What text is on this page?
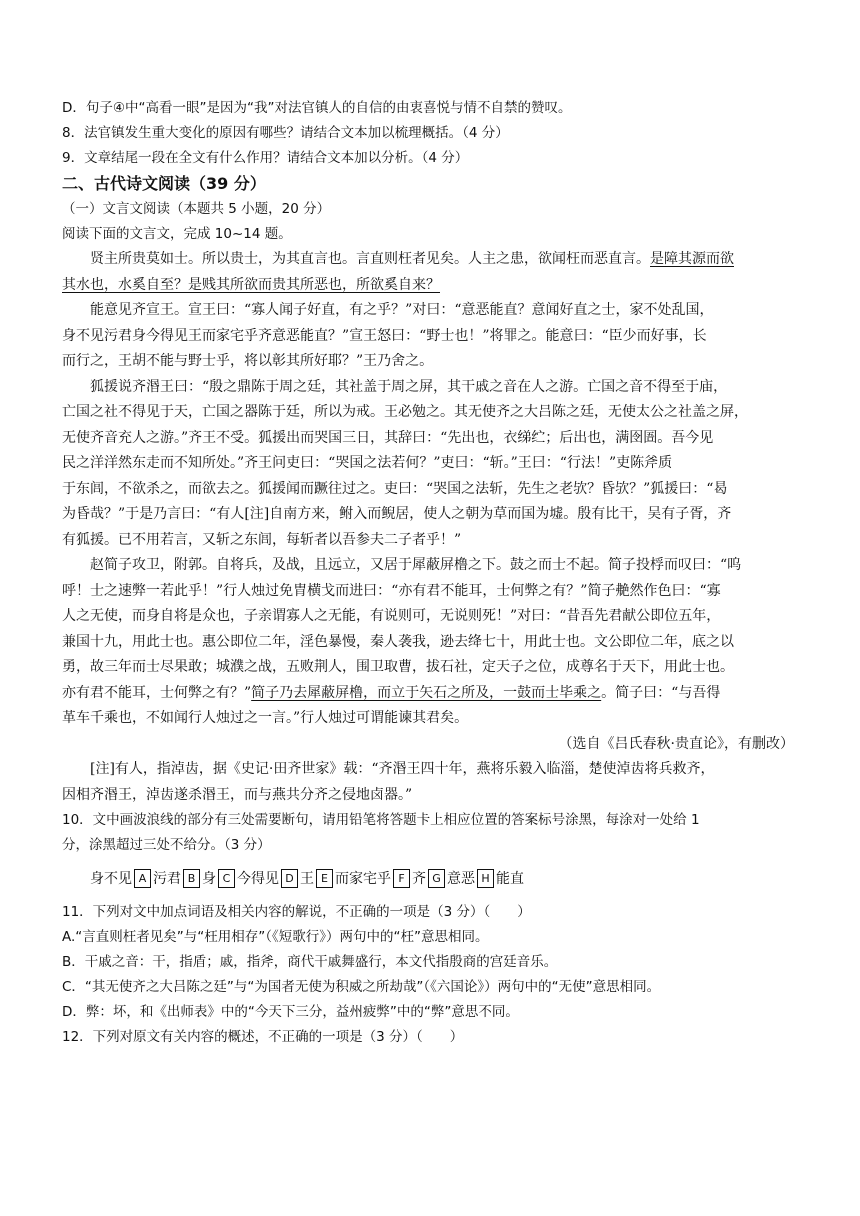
D．句子④中“高看一眼”是因为“我”对法官镇人的自信的由衷喜悦与情不自禁的赞叹。
8．法官镇发生重大变化的原因有哪些？请结合文本加以梳理概括。（4 分）
9．文章结尾一段在全文有什么作用？请结合文本加以分析。（4 分）
二、古代诗文阅读（39 分）
（一）文言文阅读（本题共 5 小题，20 分）
阅读下面的文言文，完成 10~14 题。
贤主所贵莫如士。所以贵士，为其直言也。言直则枉者见矣。人主之患，欲闻枉而恶直言。是障其源而欲
其水也，水奚自至？是贱其所欲而贵其所恶也，所欲奚自来？
能意见齐宣王。宣王曰：“寡人闻子好直，有之乎？”对曰：“意恶能直？意闻好直之士，家不处乱国，
身不见污君身今得见王而家宅乎齐意恶能直？”宣王怒曰：“野士也！”将罪之。能意曰：“臣少而好事，长
而行之，王胡不能与野士乎，将以彰其所好耶？”王乃舍之。
狐援说齐湣王曰：“殷之鼎陈于周之廷，其社盖于周之屏，其干戚之音在人之游。亡国之音不得至于庙，
亡国之社不得见于天，亡国之器陈于廷，所以为戒。王必勉之。其无使齐之大吕陈之廷，无使太公之社盖之屏，
无使齐音充人之游。”齐王不受。狐援出而哭国三日，其辞曰：“先出也，衣绨纻；后出也，满囹圄。吾今见
民之洋洋然东走而不知所处。”齐王问吏曰：“哭国之法若何？”吏曰：“斩。”王曰：“行法！”吏陈斧质
于东闾，不欲杀之，而欲去之。狐援闻而蹶往过之。吏曰：“哭国之法斩，先生之老欤？昏欤？”狐援曰：“曷
为昏哉？”于是乃言曰：“有人[注]自南方来，鲋入而鲵居，使人之朝为草而国为墟。殷有比干，吴有子胥，齐
有狐援。已不用若言，又斩之东闾，每斩者以吾参夫二子者乎！”
赵简子攻卫，附郭。自将兵，及战，且远立，又居于犀蔽屏橹之下。鼓之而士不起。简子投桴而叹曰：“呜
呼！士之速弊一若此乎！”行人烛过免胄横戈而进曰：“亦有君不能耳，士何弊之有？”简子艴然作色曰：“寡
人之无使，而身自将是众也，子亲谓寡人之无能，有说则可，无说则死！”对曰：“昔吾先君献公即位五年，
兼国十九，用此士也。惠公即位二年，淫色暴慢，秦人袭我，逊去绛七十，用此士也。文公即位二年，底之以
勇，故三年而士尽果敢；城濮之战，五败荆人，围卫取曹，拔石社，定天子之位，成尊名于天下，用此士也。
亦有君不能耳，士何弊之有？”简子乃去犀蔽屏橹，而立于矢石之所及，一鼓而士毕乘之。简子曰：“与吾得
革车千乘也，不如闻行人烛过之一言。”行人烛过可谓能谏其君矣。
（选自《吕氏春秋·贵直论》，有删改）
[注]有人，指淖齿，据《史记·田齐世家》载：“齐湣王四十年，燕将乐毅入临淄，楚使淖齿将兵救齐，
因相齐湣王，淖齿遂杀湣王，而与燕共分齐之侵地卤器。”
10．文中画波浪线的部分有三处需要断句，请用铅笔将答题卡上相应位置的答案标号涂黑，每涂对一处给 1
分，涂黑超过三处不给分。（3 分）
身不见 A 污君 B 身 C 今得见 D 王 E 而家宅乎 F 齐 G 意恶 H 能直
11．下列对文中加点词语及相关内容的解说，不正确的一项是（3 分）（　　）
A.“言直则枉者见矣”与“枉用相存”（《短歌行》）两句中的“枉”意思相同。
B．干戚之音：干，指盾；戚，指斧，商代干戚舞盛行，本文代指殷商的宫廷音乐。
C．“其无使齐之大吕陈之廷”与“为国者无使为积威之所劫哉”（《六国论》）两句中的“无使”意思相同。
D．弊：坏，和《出师表》中的“今天下三分，益州疲弊”中的“弊”意思不同。
12．下列对原文有关内容的概述，不正确的一项是（3 分）（　　）
